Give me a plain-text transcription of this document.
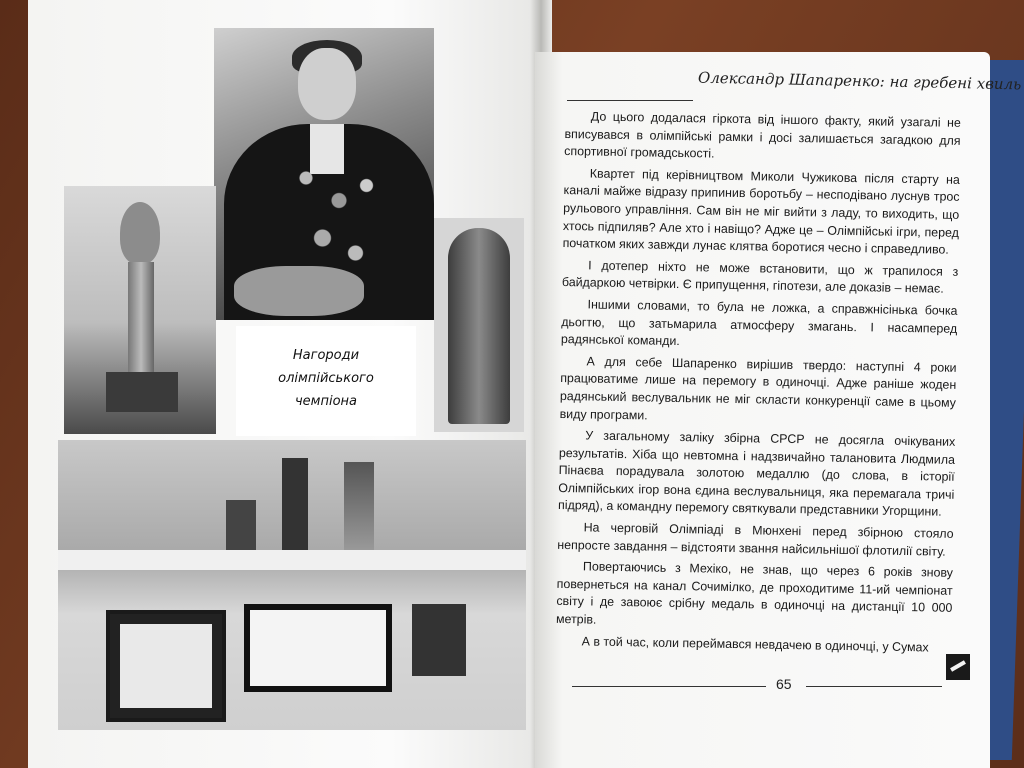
Нагороди
олімпійського
чемпіона
Олександр Шапаренко: на гребені хвиль

До цього додалася гіркота від іншого факту, який узагалі не вписувався в олімпійські рамки і досі залишається загадкою для спортивної громадськості.

Квартет під керівництвом Миколи Чужикова після старту на каналі майже відразу припинив боротьбу – несподівано луснув трос рульового управління. Сам він не міг вийти з ладу, то виходить, що хтось підпиляв? Але хто і навіщо? Адже це – Олімпійські ігри, перед початком яких завжди лунає клятва боротися чесно і справедливо.

І дотепер ніхто не може встановити, що ж трапилося з байдаркою четвірки. Є припущення, гіпотези, але доказів – немає.

Іншими словами, то була не ложка, а справжнісінька бочка дьогтю, що затьмарила атмосферу змагань. І насамперед радянської команди.

А для себе Шапаренко вирішив твердо: наступні 4 роки працюватиме лише на перемогу в одиночці. Адже раніше жоден радянський веслувальник не міг скласти конкуренції саме в цьому виду програми.

У загальному заліку збірна СРСР не досягла очікуваних результатів. Хіба що невтомна і надзвичайно талановита Людмила Пінаєва порадувала золотою медаллю (до слова, в історії Олімпійських ігор вона єдина веслувальниця, яка перемагала тричі підряд), а командну перемогу святкували представники Угорщини.

На черговій Олімпіаді в Мюнхені перед збірною стояло непросте завдання – відстояти звання найсильнішої флотилії світу.

Повертаючись з Мехіко, не знав, що через 6 років знову повернеться на канал Сочимілко, де проходитиме 11-ий чемпіонат світу і де завоює срібну медаль в одиночці на дистанції 10 000 метрів.

А в той час, коли переймався невдачею в одиночці, у Сумах

65
